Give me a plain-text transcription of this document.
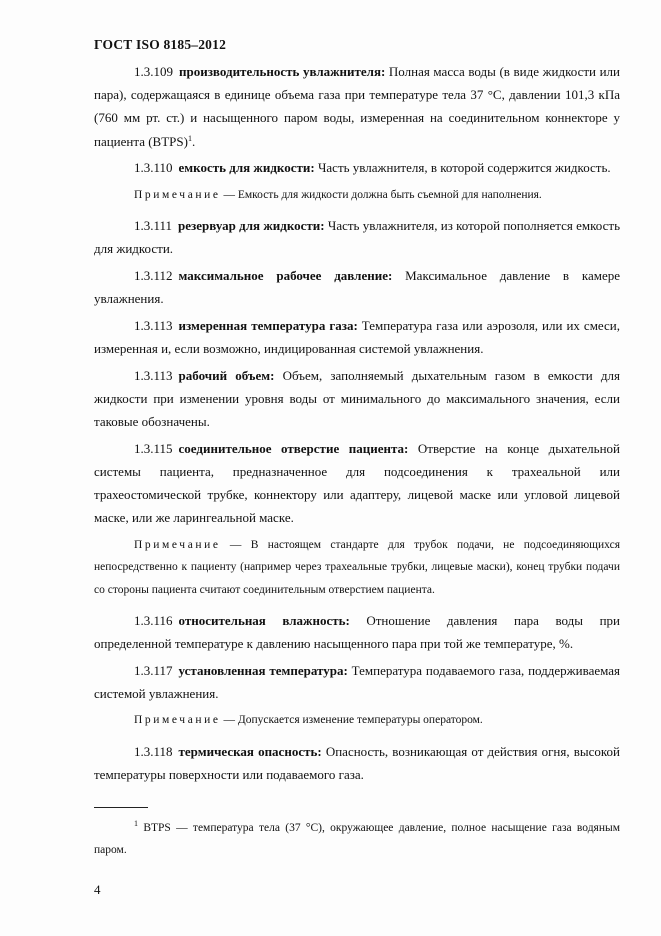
ГОСТ ISO 8185–2012

1.3.109 производительность увлажнителя: Полная масса воды (в виде жидкости или пара), содержащаяся в единице объема газа при температуре тела 37 °С, давлении 101,3 кПа (760 мм рт. ст.) и насыщенного паром воды, измеренная на соединительном коннекторе у пациента (BTPS)$^1$.

1.3.110 емкость для жидкости: Часть увлажнителя, в которой содержится жидкость.

Примечание — Емкость для жидкости должна быть съемной для наполнения.

1.3.111 резервуар для жидкости: Часть увлажнителя, из которой пополняется емкость для жидкости.

1.3.112 максимальное рабочее давление: Максимальное давление в камере увлажнения.

1.3.113 измеренная температура газа: Температура газа или аэрозоля, или их смеси, измеренная и, если возможно, индицированная системой увлажнения.

1.3.113 рабочий объем: Объем, заполняемый дыхательным газом в емкости для жидкости при изменении уровня воды от минимального до максимального значения, если таковые обозначены.

1.3.115 соединительное отверстие пациента: Отверстие на конце дыхательной системы пациента, предназначенное для подсоединения к трахеальной или трахеостомической трубке, коннектору или адаптеру, лицевой маске или угловой лицевой маске, или же ларингеальной маске.

Примечание — В настоящем стандарте для трубок подачи, не подсоединяющихся непосредственно к пациенту (например через трахеальные трубки, лицевые маски), конец трубки подачи со стороны пациента считают соединительным отверстием пациента.

1.3.116 относительная влажность: Отношение давления пара воды при определенной температуре к давлению насыщенного пара при той же температуре, %.

1.3.117 установленная температура: Температура подаваемого газа, поддерживаемая системой увлажнения.

Примечание — Допускается изменение температуры оператором.

1.3.118 термическая опасность: Опасность, возникающая от действия огня, высокой температуры поверхности или подаваемого газа.

$^1$ BTPS — температура тела (37 °С), окружающее давление, полное насыщение газа водяным паром.
4
